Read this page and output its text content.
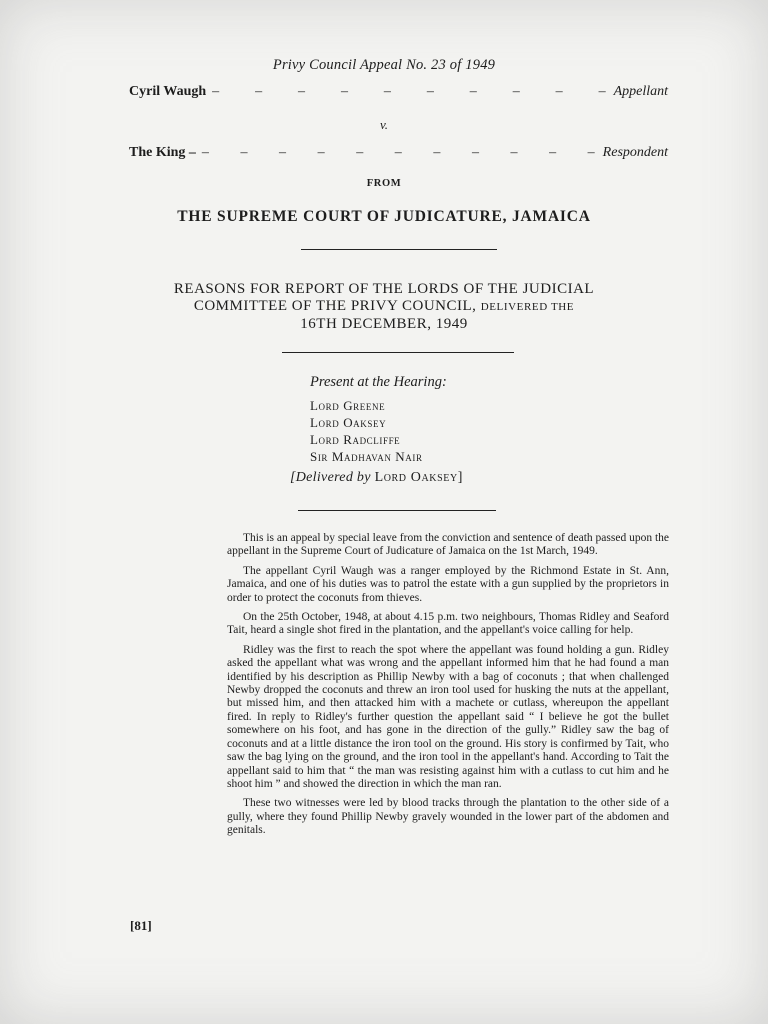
Privy Council Appeal No. 23 of 1949
Cyril Waugh – – – – – – – – – – Appellant
v.
The King – – – – – – – – – – – – Respondent
FROM
THE SUPREME COURT OF JUDICATURE, JAMAICA
REASONS FOR REPORT OF THE LORDS OF THE JUDICIAL
COMMITTEE OF THE PRIVY COUNCIL, DELIVERED THE
16TH DECEMBER, 1949
Present at the Hearing:
Lord Greene
Lord Oaksey
Lord Radcliffe
Sir Madhavan Nair
[Delivered by Lord Oaksey]

This is an appeal by special leave from the conviction and sentence of death passed upon the appellant in the Supreme Court of Judicature of Jamaica on the 1st March, 1949.

The appellant Cyril Waugh was a ranger employed by the Richmond Estate in St. Ann, Jamaica, and one of his duties was to patrol the estate with a gun supplied by the proprietors in order to protect the coconuts from thieves.

On the 25th October, 1948, at about 4.15 p.m. two neighbours, Thomas Ridley and Seaford Tait, heard a single shot fired in the plantation, and the appellant's voice calling for help.

Ridley was the first to reach the spot where the appellant was found holding a gun. Ridley asked the appellant what was wrong and the appellant informed him that he had found a man identified by his description as Phillip Newby with a bag of coconuts ; that when challenged Newby dropped the coconuts and threw an iron tool used for husking the nuts at the appellant, but missed him, and then attacked him with a machete or cutlass, whereupon the appellant fired. In reply to Ridley's further question the appellant said “ I believe he got the bullet somewhere on his foot, and has gone in the direction of the gully.” Ridley saw the bag of coconuts and at a little distance the iron tool on the ground. His story is confirmed by Tait, who saw the bag lying on the ground, and the iron tool in the appellant's hand. According to Tait the appellant said to him that “ the man was resisting against him with a cutlass to cut him and he shoot him ” and showed the direction in which the man ran.

These two witnesses were led by blood tracks through the plantation to the other side of a gully, where they found Phillip Newby gravely wounded in the lower part of the abdomen and genitals.

[81]
